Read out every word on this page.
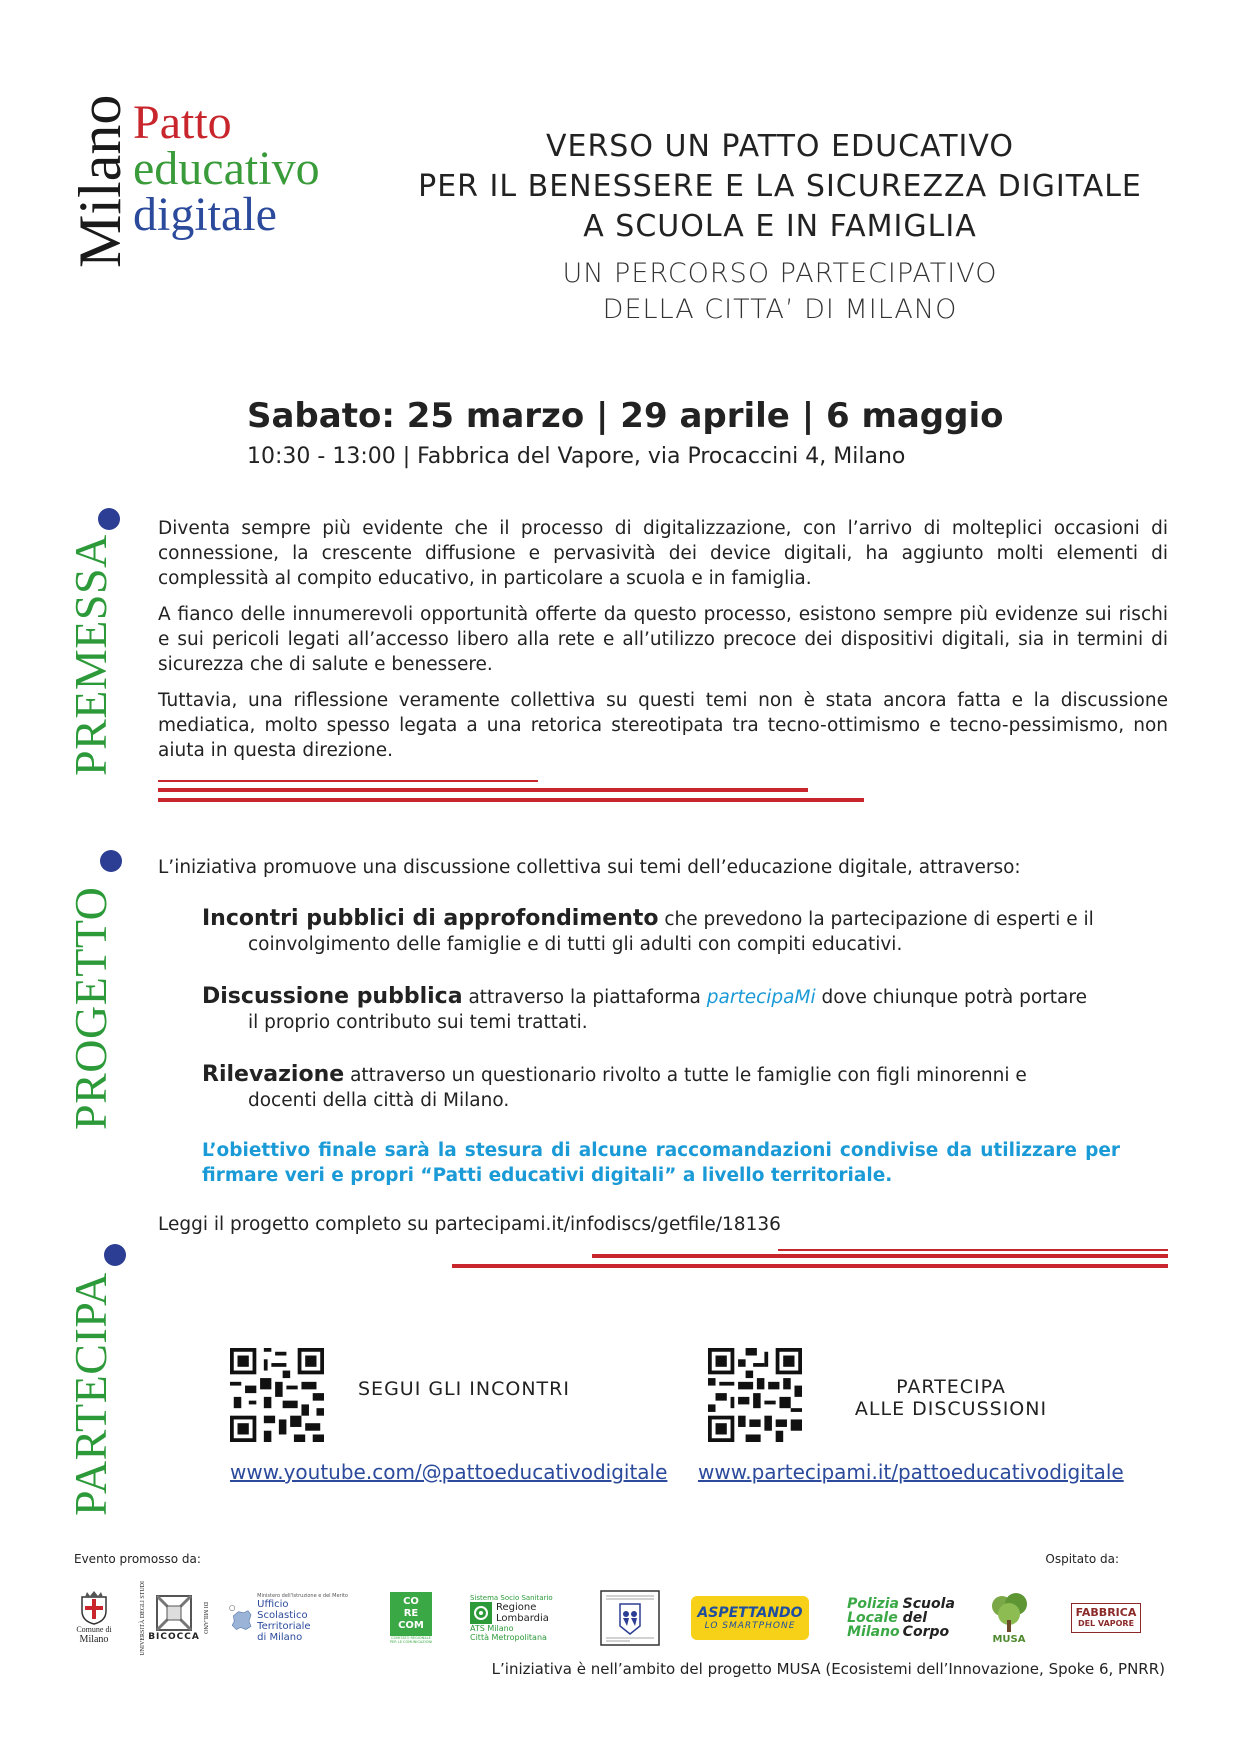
Milano Patto
educativo
digitale
VERSO UN PATTO EDUCATIVO
PER IL BENESSERE E LA SICUREZZA DIGITALE
A SCUOLA E IN FAMIGLIA
UN PERCORSO PARTECIPATIVO
DELLA CITTA’ DI MILANO
Sabato: 25 marzo | 29 aprile | 6 maggio
10:30 - 13:00 | Fabbrica del Vapore, via Procaccini 4, Milano
PREMESSA
Diventa sempre più evidente che il processo di digitalizzazione, con l’arrivo di molteplici occasioni di connessione, la crescente diffusione e pervasività dei device digitali, ha aggiunto molti elementi di complessità al compito educativo, in particolare a scuola e in famiglia.
A fianco delle innumerevoli opportunità offerte da questo processo, esistono sempre più evidenze sui rischi e sui pericoli legati all’accesso libero alla rete e all’utilizzo precoce dei dispositivi digitali, sia in termini di sicurezza che di salute e benessere.
Tuttavia, una riflessione veramente collettiva su questi temi non è stata ancora fatta e la discussione mediatica, molto spesso legata a una retorica stereotipata tra tecno-ottimismo e tecno-pessimismo, non aiuta in questa direzione.
PROGETTO
L’iniziativa promuove una discussione collettiva sui temi dell’educazione digitale, attraverso:
Incontri pubblici di approfondimento che prevedono la partecipazione di esperti e il
coinvolgimento delle famiglie e di tutti gli adulti con compiti educativi.
Discussione pubblica attraverso la piattaforma partecipaMi dove chiunque potrà portare
il proprio contributo sui temi trattati.
Rilevazione attraverso un questionario rivolto a tutte le famiglie con figli minorenni e
docenti della città di Milano.
L’obiettivo finale sarà la stesura di alcune raccomandazioni condivise da utilizzare per firmare veri e propri “Patti educativi digitali” a livello territoriale.
Leggi il progetto completo su partecipami.it/infodiscs/getfile/18136
PARTECIPA	SEGUI GLI INCONTRI
www.youtube.com/@pattoeducativodigitale
PARTECIPA
ALLE DISCUSSIONI
www.partecipami.it/pattoeducativodigitale
Evento promosso da:	Ospitato da:
Comune di
Milano	UNIVERSITÀ DEGLI STUDI BICOCCA
DI MILANO
Ministero dell'Istruzione e del Merito
Ufficio
Scolastico
Territoriale
di Milano
CO
RE
COM
COMITATO REGIONALE PER LE COMUNICAZIONI
Sistema Socio Sanitario
Regione
Lombardia
ATS Milano
Città Metropolitana
ASPETTANDO
LO SMARTPHONE
Polizia
Locale
Milano
Scuola
del
Corpo	MUSA
FABBRICA
DEL VAPORE
L’iniziativa è nell’ambito del progetto MUSA (Ecosistemi dell’Innovazione, Spoke 6, PNRR)
